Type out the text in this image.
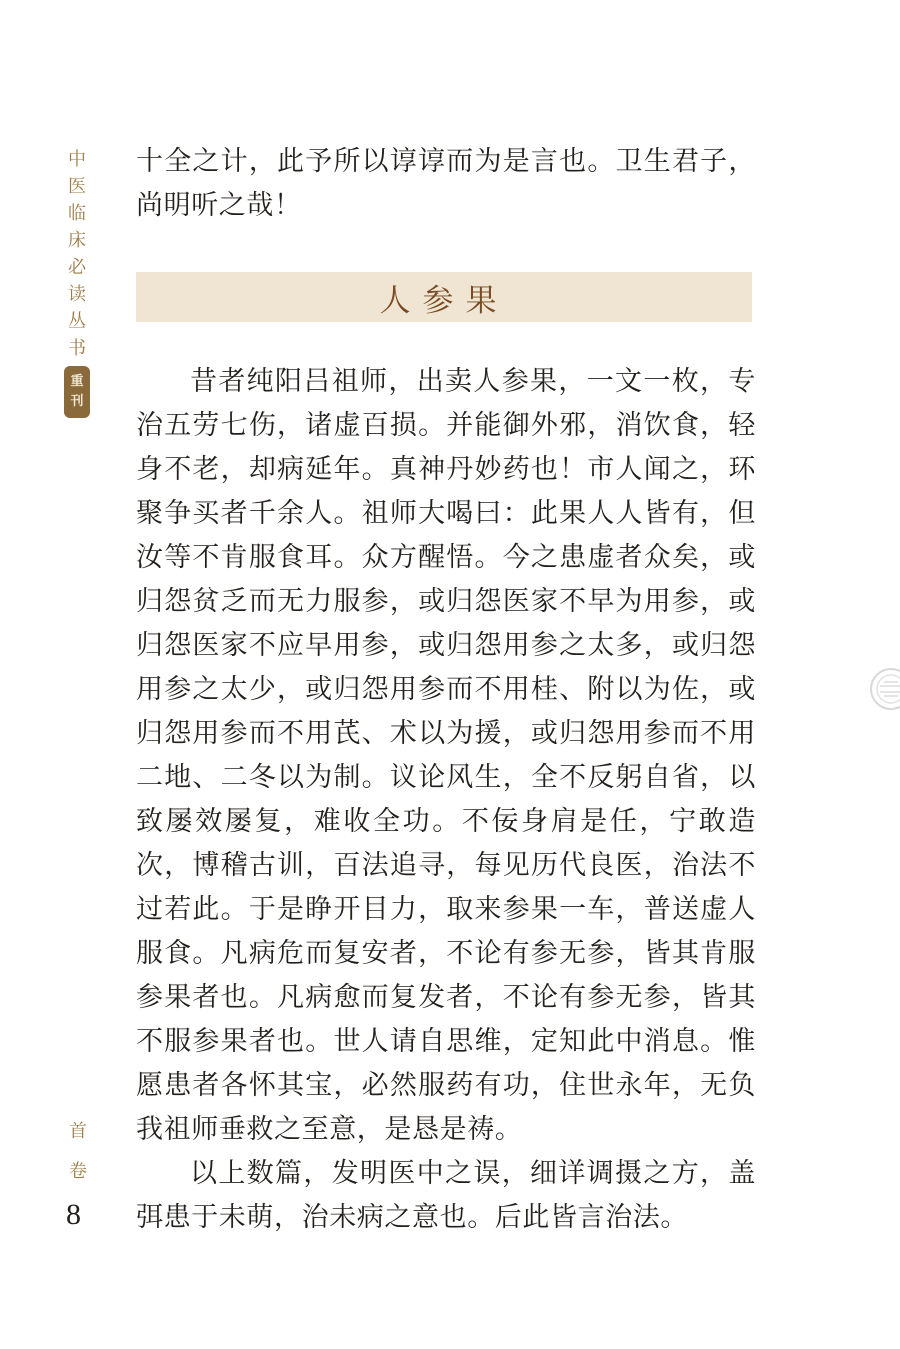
中
医
临
床
必
读
丛
书
重
刊

十全之计，此予所以谆谆而为是言也。卫生君子，尚明听之哉！

人参果

昔者纯阳吕祖师，出卖人参果，一文一枚，专治五劳七伤，诸虚百损。并能御外邪，消饮食，轻身不老，却病延年。真神丹妙药也！市人闻之，环聚争买者千余人。祖师大喝曰：此果人人皆有，但汝等不肯服食耳。众方醒悟。今之患虚者众矣，或归怨贫乏而无力服参，或归怨医家不早为用参，或归怨医家不应早用参，或归怨用参之太多，或归怨用参之太少，或归怨用参而不用桂、附以为佐，或归怨用参而不用芪、术以为援，或归怨用参而不用二地、二冬以为制。议论风生，全不反躬自省，以致屡效屡复，难收全功。不佞身肩是任，宁敢造次，博稽古训，百法追寻，每见历代良医，治法不过若此。于是睁开目力，取来参果一车，普送虚人服食。凡病危而复安者，不论有参无参，皆其肯服参果者也。凡病愈而复发者，不论有参无参，皆其不服参果者也。世人请自思维，定知此中消息。惟愿患者各怀其宝，必然服药有功，住世永年，无负我祖师垂救之至意，是恳是祷。

以上数篇，发明医中之误，细详调摄之方，盖弭患于未萌，治未病之意也。后此皆言治法。

首
卷
8
